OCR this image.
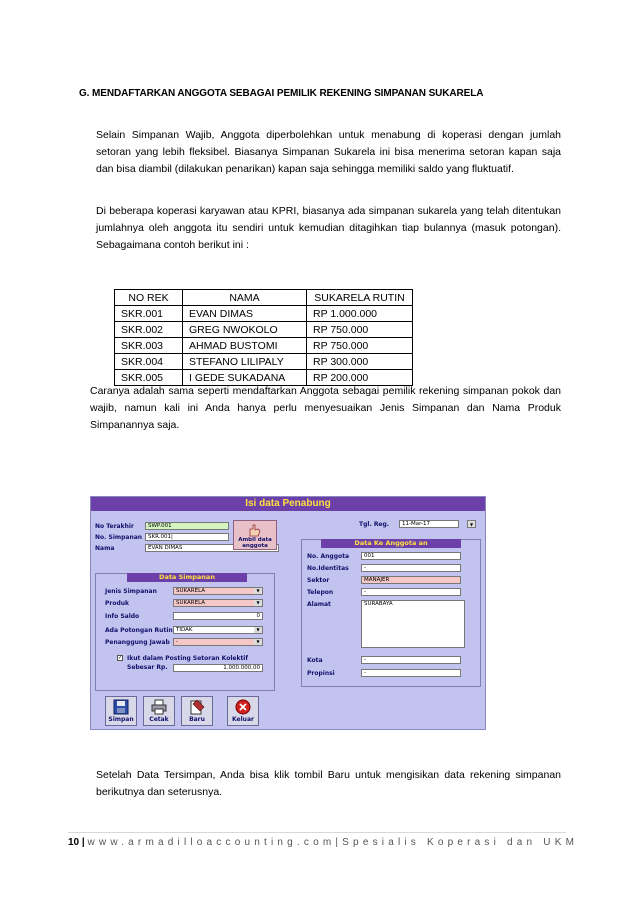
G. MENDAFTARKAN ANGGOTA SEBAGAI PEMILIK REKENING SIMPANAN SUKARELA
Selain Simpanan Wajib, Anggota diperbolehkan untuk menabung di koperasi dengan jumlah setoran yang lebih fleksibel. Biasanya Simpanan Sukarela ini bisa menerima setoran kapan saja dan bisa diambil (dilakukan penarikan) kapan saja sehingga memiliki saldo yang fluktuatif.
Di beberapa koperasi karyawan atau KPRI, biasanya ada simpanan sukarela yang telah ditentukan jumlahnya oleh anggota itu sendiri untuk kemudian ditagihkan tiap bulannya (masuk potongan). Sebagaimana contoh berikut ini :
NO REK	NAMA	SUKARELA RUTIN
SKR.001	EVAN DIMAS	RP 1.000.000
SKR.002	GREG NWOKOLO	RP 750.000
SKR.003	AHMAD BUSTOMI	RP 750.000
SKR.004	STEFANO LILIPALY	RP 300.000
SKR.005	I GEDE SUKADANA	RP 200.000
Caranya adalah sama seperti mendaftarkan Anggota sebagai pemilik rekening simpanan pokok dan wajib, namun kali ini Anda hanya perlu menyesuaikan Jenis Simpanan dan Nama Produk Simpanannya saja.
Isi data Penabung
No Terakhir	SWP.001
No. Simpanan	SKR.001|
Nama	EVAN DIMAS
Ambil data anggota
Tgl. Reg.	11-Mar-17	▼
Data Simpanan
Jenis Simpanan	SUKARELA ▼
Produk	SUKARELA ▼
Info Saldo	0
Ada Potongan Rutin TIDAK ▼
Penanggung Jawab	- ▼
✓ Ikut dalam Posting Setoran Kolektif
Sebesar Rp.	1.000.000,00
Data Ke Anggota an
No. Anggota	001
No.Identitas	-
Sektor	MANAJER
Telepon	-
Alamat	SURABAYA
Kota	-
Propinsi	-
Simpan	Cetak	Baru	Keluar
Setelah Data Tersimpan, Anda bisa klik tombil Baru untuk mengisikan data rekening simpanan berikutnya dan seterusnya.
10 | www.armadilloaccounting.com|Spesialis Koperasi dan UKM
